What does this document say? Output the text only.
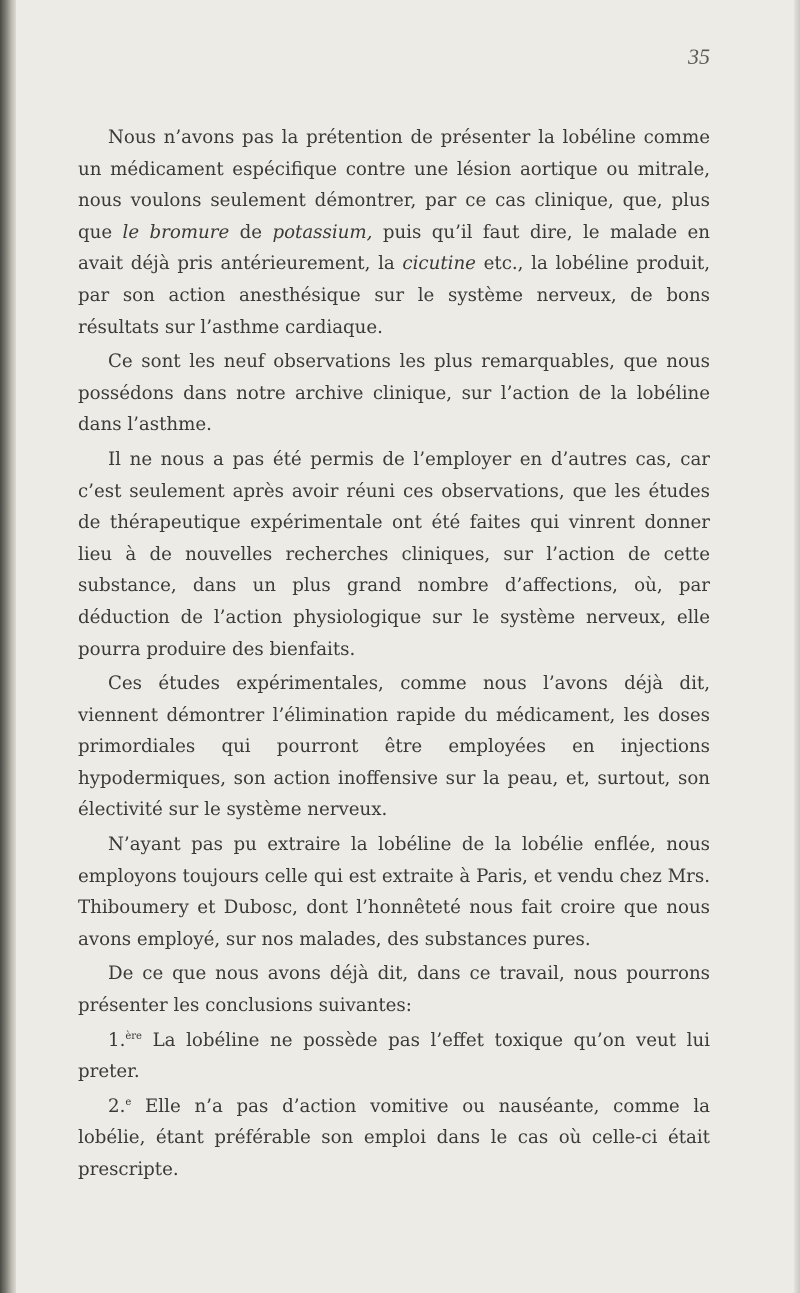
35

Nous n’avons pas la prétention de présenter la lobéline comme un médicament espécifique contre une lésion aortique ou mitrale, nous voulons seulement démontrer, par ce cas clinique, que, plus que le bromure de potassium, puis qu’il faut dire, le malade en avait déjà pris antérieurement, la cicutine etc., la lobéline produit, par son action anesthésique sur le système nerveux, de bons résultats sur l’asthme cardiaque.

Ce sont les neuf observations les plus remarquables, que nous possédons dans notre archive clinique, sur l’action de la lobéline dans l’asthme.

Il ne nous a pas été permis de l’employer en d’autres cas, car c’est seulement après avoir réuni ces observations, que les études de thérapeutique expérimentale ont été faites qui vinrent donner lieu à de nouvelles recherches cliniques, sur l’action de cette substance, dans un plus grand nombre d’affections, où, par déduction de l’action physiologique sur le système nerveux, elle pourra produire des bienfaits.

Ces études expérimentales, comme nous l’avons déjà dit, viennent démontrer l’élimination rapide du médicament, les doses primordiales qui pourront être employées en injections hypodermiques, son action inoffensive sur la peau, et, surtout, son électivité sur le système nerveux.

N’ayant pas pu extraire la lobéline de la lobélie enflée, nous employons toujours celle qui est extraite à Paris, et vendu chez Mrs. Thiboumery et Dubosc, dont l’honnêteté nous fait croire que nous avons employé, sur nos malades, des substances pures.

De ce que nous avons déjà dit, dans ce travail, nous pourrons présenter les conclusions suivantes:

1.$^{ère}$ La lobéline ne possède pas l’effet toxique qu’on veut lui preter.

2.$^e$ Elle n’a pas d’action vomitive ou nauséante, comme la lobélie, étant préférable son emploi dans le cas où celle-ci était prescripte.
